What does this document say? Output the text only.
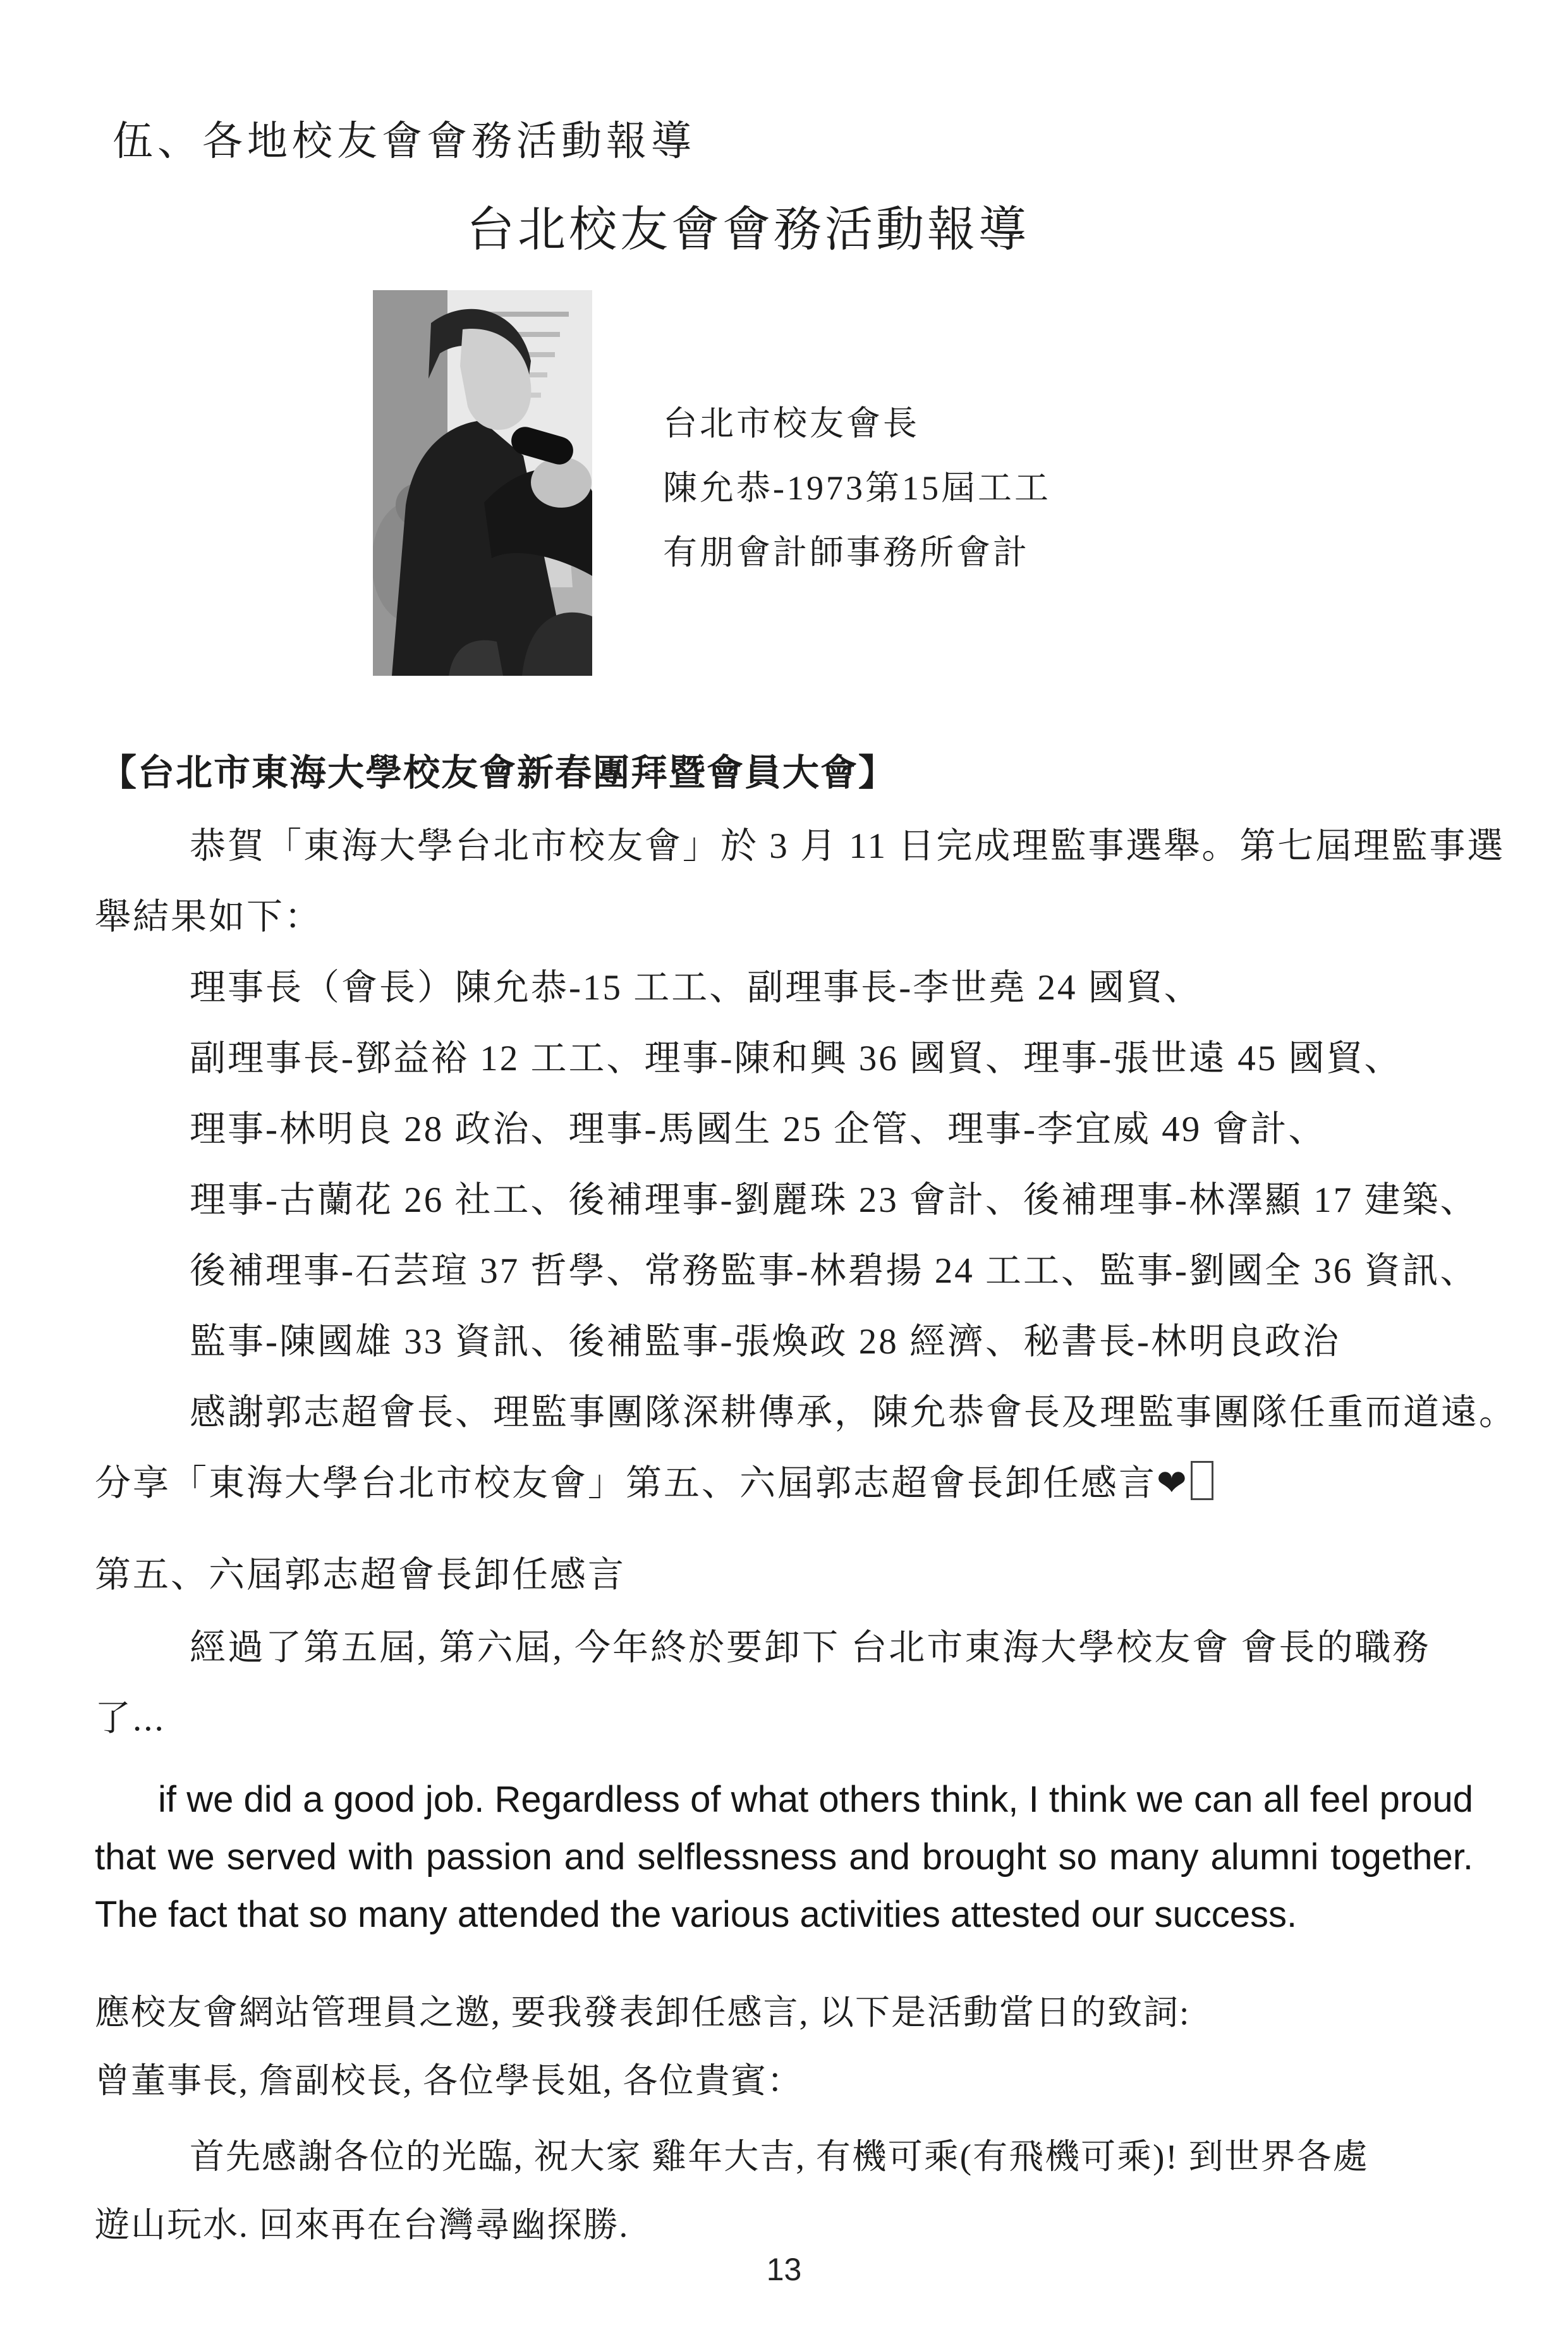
伍、各地校友會會務活動報導
台北校友會會務活動報導
台北市校友會長
陳允恭-1973第15屆工工
有朋會計師事務所會計
【台北市東海大學校友會新春團拜暨會員大會】
恭賀「東海大學台北市校友會」於 3 月 11 日完成理監事選舉。第七屆理監事選
舉結果如下：
理事長（會長）陳允恭-15 工工、副理事長-李世堯 24 國貿、
副理事長-鄧益裕 12 工工、理事-陳和興 36 國貿、理事-張世遠 45 國貿、
理事-林明良 28 政治、理事-馬國生 25 企管、理事-李宜威 49 會計、
理事-古蘭花 26 社工、後補理事-劉麗珠 23 會計、後補理事-林澤顯 17 建築、
後補理事-石芸瑄 37 哲學、常務監事-林碧揚 24 工工、監事-劉國全 36 資訊、
監事-陳國雄 33 資訊、後補監事-張煥政 28 經濟、秘書長-林明良政治
感謝郭志超會長、理監事團隊深耕傳承，陳允恭會長及理監事團隊任重而道遠。
分享「東海大學台北市校友會」第五、六屆郭志超會長卸任感言❤
第五、六屆郭志超會長卸任感言
經過了第五屆, 第六屆, 今年終於要卸下 台北市東海大學校友會 會長的職務
了...

if we did a good job. Regardless of what others think, I think we can all feel proud that we served with passion and selflessness and brought so many alumni together. The fact that so many attended the various activities attested our success.

應校友會網站管理員之邀, 要我發表卸任感言, 以下是活動當日的致詞:
曾董事長, 詹副校長, 各位學長姐, 各位貴賓：
首先感謝各位的光臨, 祝大家 雞年大吉, 有機可乘(有飛機可乘)! 到世界各處
遊山玩水. 回來再在台灣尋幽探勝.
13
